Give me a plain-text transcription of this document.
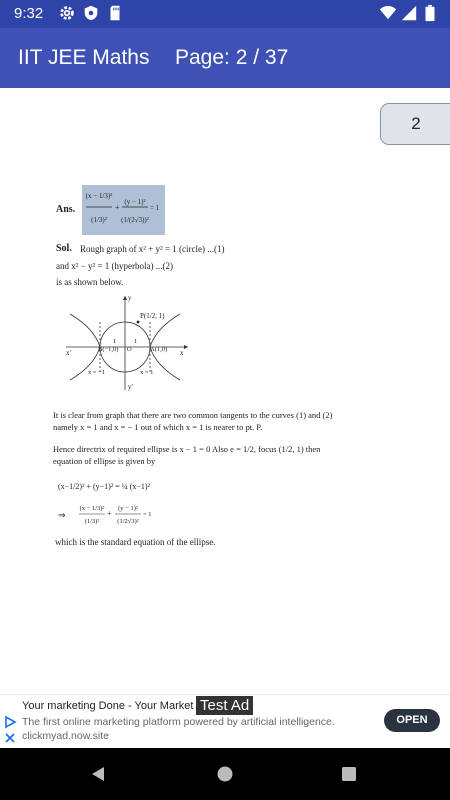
9:32
IIT JEE Maths Page: 2 / 37
2
Ans.
(x − 1/3)²
(1/3)²
+
(y − 1)²
(1/(2√3))²
= 1
Sol. Rough graph of x² + y² = 1 (circle) ...(1)
and x² − y² = 1 (hyperbola) ...(2)
is as shown below.
y
y'
x'	x
P(1/2, 1)
B(−1,0) O	A(1,0)
1	1
x = −1	x = 1
It is clear from graph that there are two common tangents to the curves (1) and (2)
namely x = 1 and x = − 1 out of which x = 1 is nearer to pt. P.
Hence directrix of required ellipse is x − 1 = 0 Also e = 1/2, focus (1/2, 1) then
equation of ellipse is given by
(x−1/2)² + (y−1)² = ¼ (x−1)²
⇒
(x − 1/3)²
(1/3)²
+
(y − 1)²
(1/2√3)²
= 1
which is the standard equation of the ellipse.
Your marketing Done - Your Market Test Ad
The first online marketing platform powered by artificial intelligence.
clickmyad.now.site
OPEN
